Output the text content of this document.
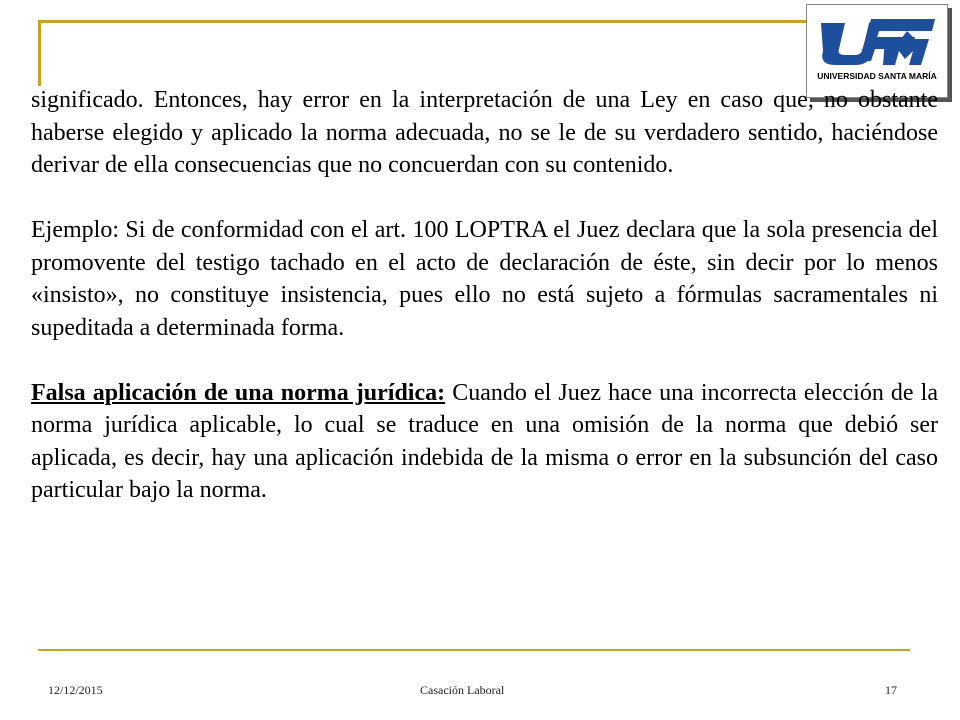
UNIVERSIDAD SANTA MARÍA

significado. Entonces, hay error en la interpretación de una Ley en caso que, no obstante haberse elegido y aplicado la norma adecuada, no se le de su verdadero sentido, haciéndose derivar de ella consecuencias que no concuerdan con su contenido.

Ejemplo: Si de conformidad con el art. 100 LOPTRA el Juez declara que la sola presencia del promovente del testigo tachado en el acto de declaración de éste, sin decir por lo menos «insisto», no constituye insistencia, pues ello no está sujeto a fórmulas sacramentales ni supeditada a determinada forma.

Falsa aplicación de una norma jurídica: Cuando el Juez hace una incorrecta elección de la norma jurídica aplicable, lo cual se traduce en una omisión de la norma que debió ser aplicada, es decir, hay una aplicación indebida de la misma o error en la subsunción del caso particular bajo la norma.

12/12/2015	Casación Laboral	17
